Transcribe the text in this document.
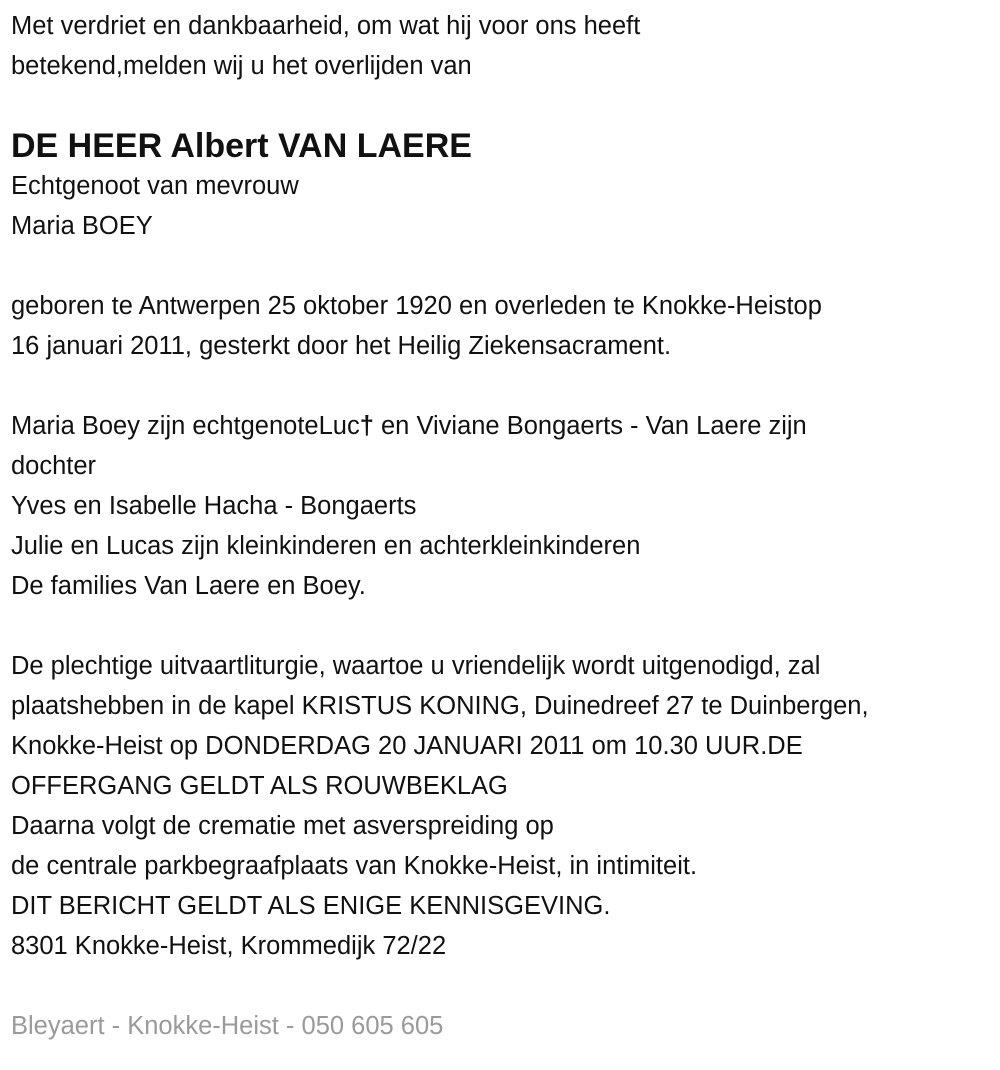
Met verdriet en dankbaarheid, om wat hij voor ons heeft
betekend,melden wij u het overlijden van
DE HEER Albert VAN LAERE
Echtgenoot van mevrouw
Maria BOEY
geboren te Antwerpen 25 oktober 1920 en overleden te Knokke-Heistop
16 januari 2011, gesterkt door het Heilig Ziekensacrament.
Maria Boey zijn echtgenoteLuc† en Viviane Bongaerts - Van Laere zijn
dochter
Yves en Isabelle Hacha - Bongaerts
Julie en Lucas zijn kleinkinderen en achterkleinkinderen
De families Van Laere en Boey.
De plechtige uitvaartliturgie, waartoe u vriendelijk wordt uitgenodigd, zal
plaatshebben in de kapel KRISTUS KONING, Duinedreef 27 te Duinbergen,
Knokke-Heist op DONDERDAG 20 JANUARI 2011 om 10.30 UUR.DE
OFFERGANG GELDT ALS ROUWBEKLAG
Daarna volgt de crematie met asverspreiding op
de centrale parkbegraafplaats van Knokke-Heist, in intimiteit.
DIT BERICHT GELDT ALS ENIGE KENNISGEVING.
8301 Knokke-Heist, Krommedijk 72/22
Bleyaert - Knokke-Heist - 050 605 605
